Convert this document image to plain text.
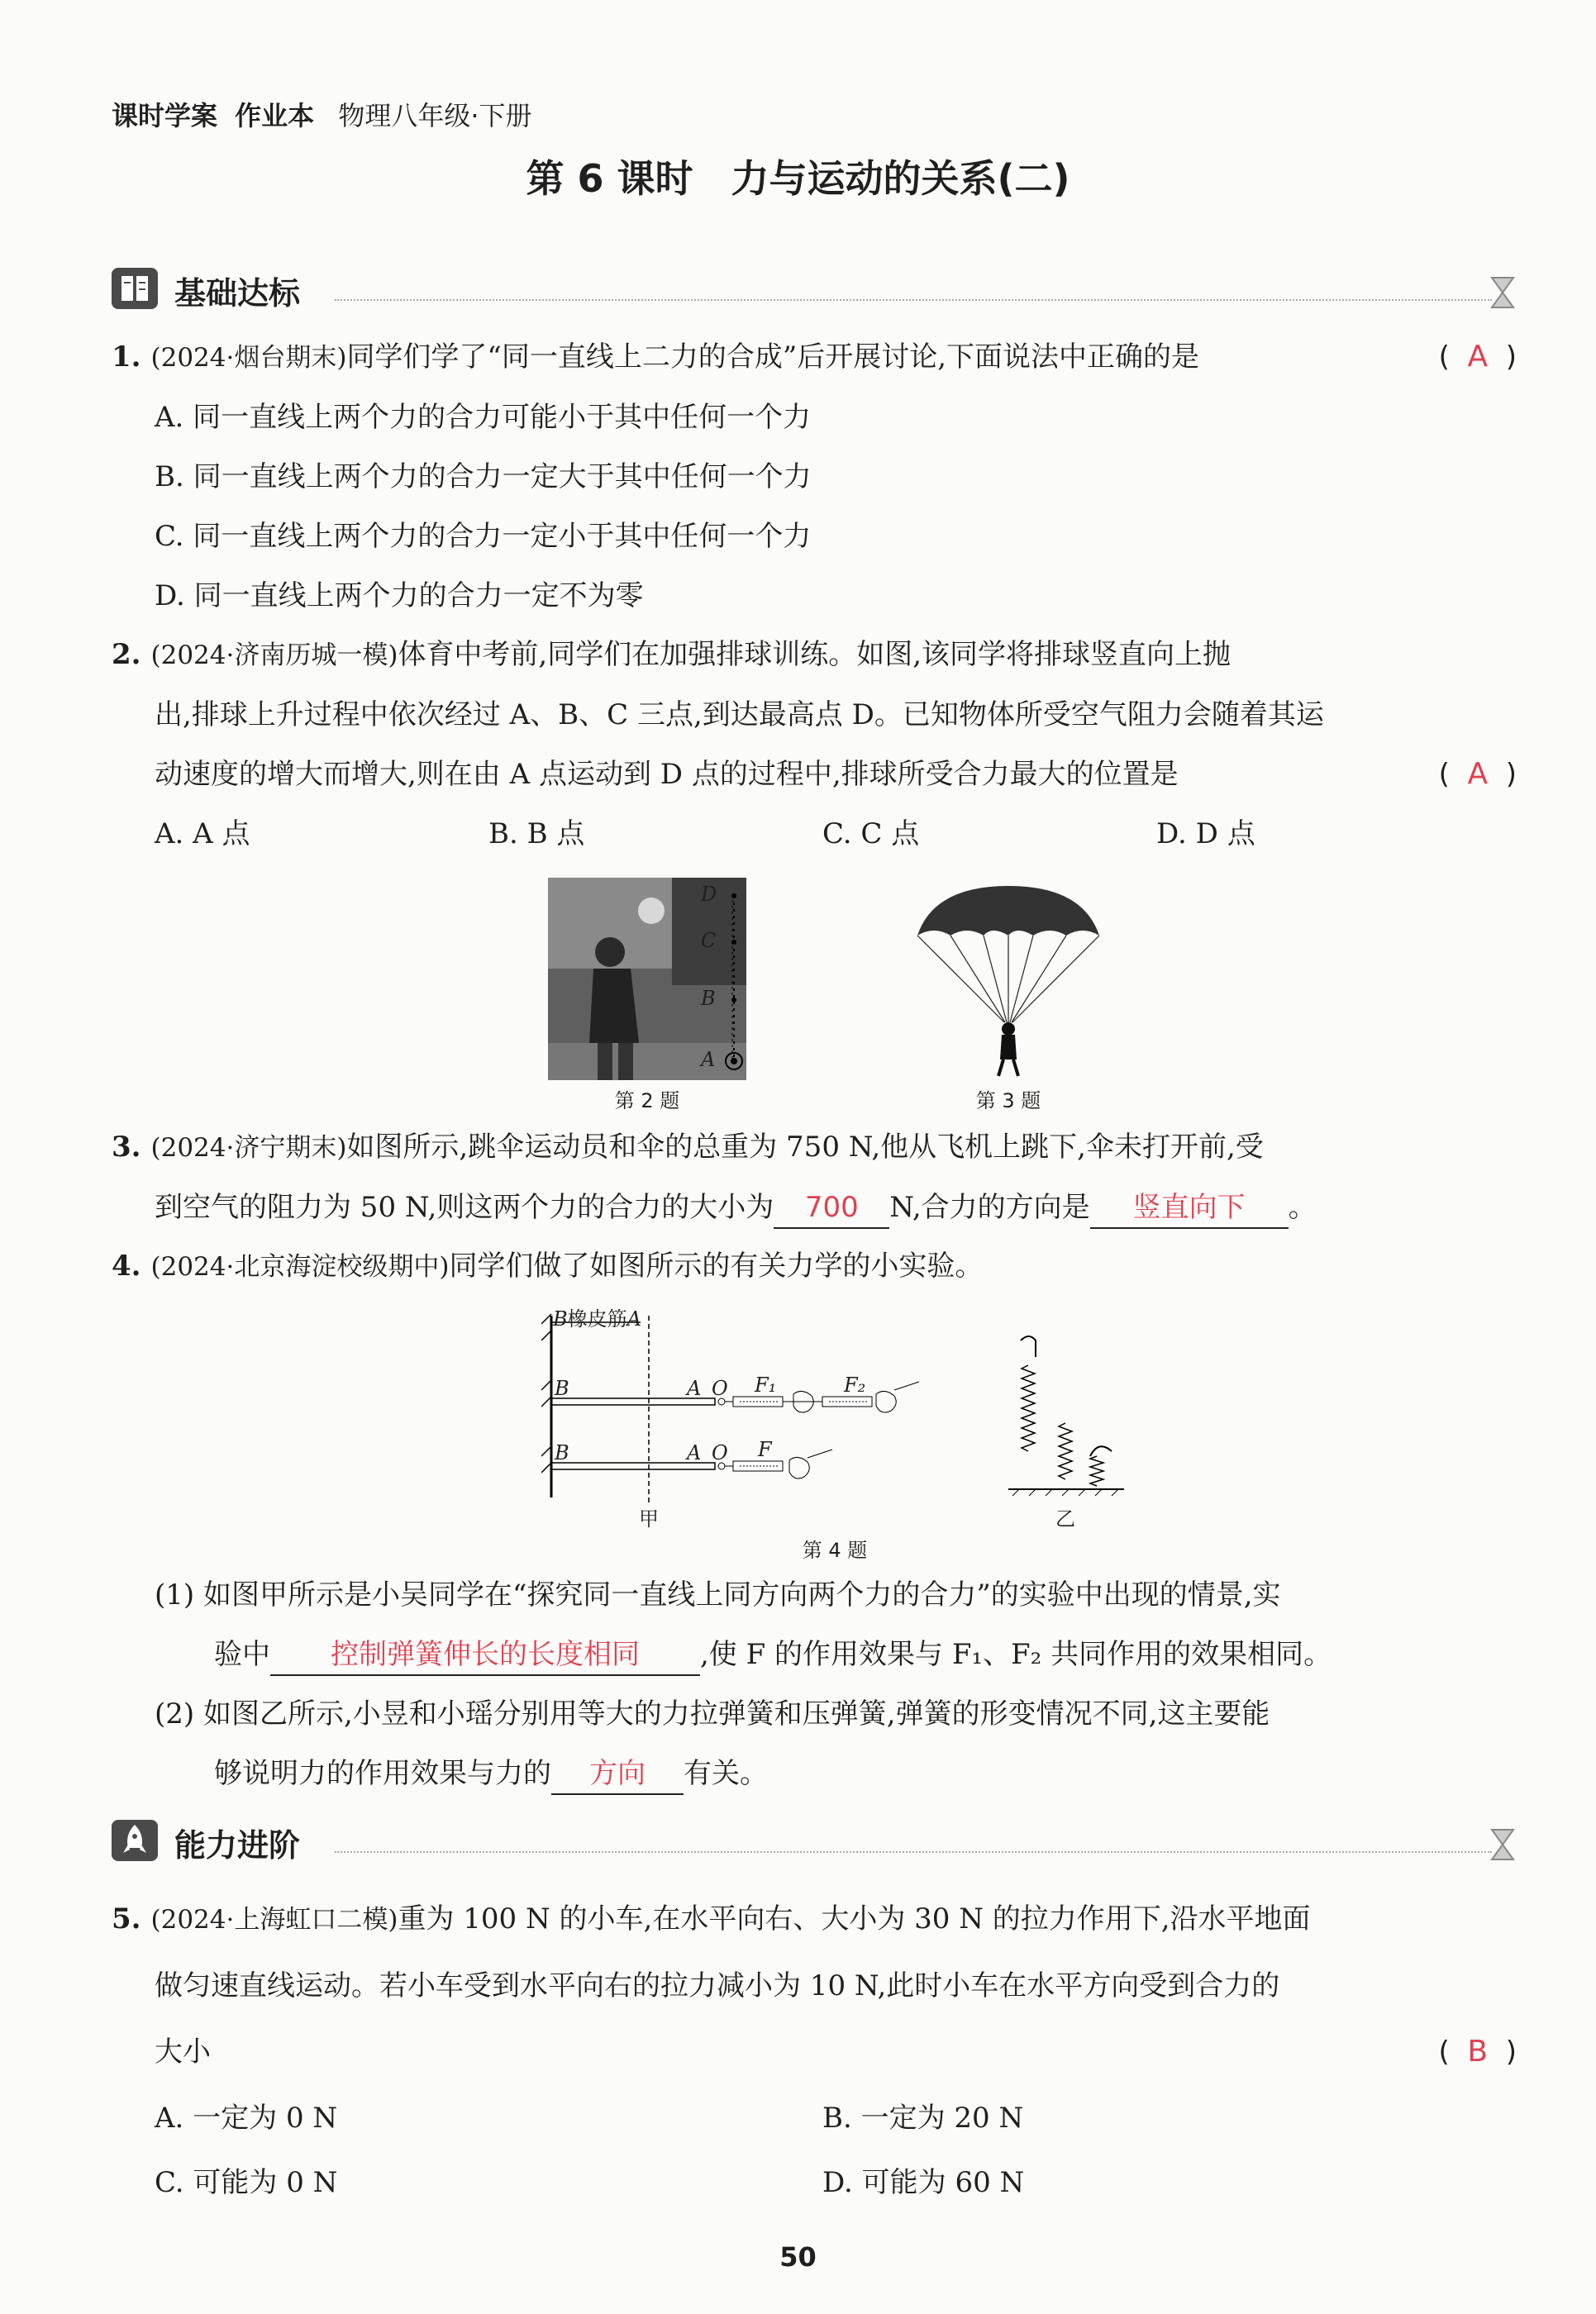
课时学案 作业本 物理八年级·下册
第 6 课时　力与运动的关系(二)
基础达标
1. (2024·烟台期末)同学们学了“同一直线上二力的合成”后开展讨论,下面说法中正确的是	(  A  )
A. 同一直线上两个力的合力可能小于其中任何一个力
B. 同一直线上两个力的合力一定大于其中任何一个力
C. 同一直线上两个力的合力一定小于其中任何一个力
D. 同一直线上两个力的合力一定不为零
2. (2024·济南历城一模)体育中考前,同学们在加强排球训练。如图,该同学将排球竖直向上抛
出,排球上升过程中依次经过 A、B、C 三点,到达最高点 D。已知物体所受空气阻力会随着其运
动速度的增大而增大,则在由 A 点运动到 D 点的过程中,排球所受合力最大的位置是	(  A  )
A. A 点	B. B 点	C. C 点	D. D 点
D
C
B
A
第 2 题	第 3 题
3. (2024·济宁期末)如图所示,跳伞运动员和伞的总重为 750 N,他从飞机上跳下,伞未打开前,受
到空气的阻力为 50 N,则这两个力的合力的大小为 700 N,合力的方向是 竖直向下 。
4. (2024·北京海淀校级期中)同学们做了如图所示的有关力学的小实验。
B橡皮筋A
B
B
A
A
O
O
F₁	F₂
F
甲	乙
第 4 题
(1) 如图甲所示是小吴同学在“探究同一直线上同方向两个力的合力”的实验中出现的情景,实
验中 控制弹簧伸长的长度相同 ,使 F 的作用效果与 F₁、F₂ 共同作用的效果相同。
(2) 如图乙所示,小昱和小瑶分别用等大的力拉弹簧和压弹簧,弹簧的形变情况不同,这主要能
够说明力的作用效果与力的 方向 有关。
能力进阶
5. (2024·上海虹口二模)重为 100 N 的小车,在水平向右、大小为 30 N 的拉力作用下,沿水平地面
做匀速直线运动。若小车受到水平向右的拉力减小为 10 N,此时小车在水平方向受到合力的
大小	(  B  )
A. 一定为 0 N	B. 一定为 20 N
C. 可能为 0 N	D. 可能为 60 N
50
